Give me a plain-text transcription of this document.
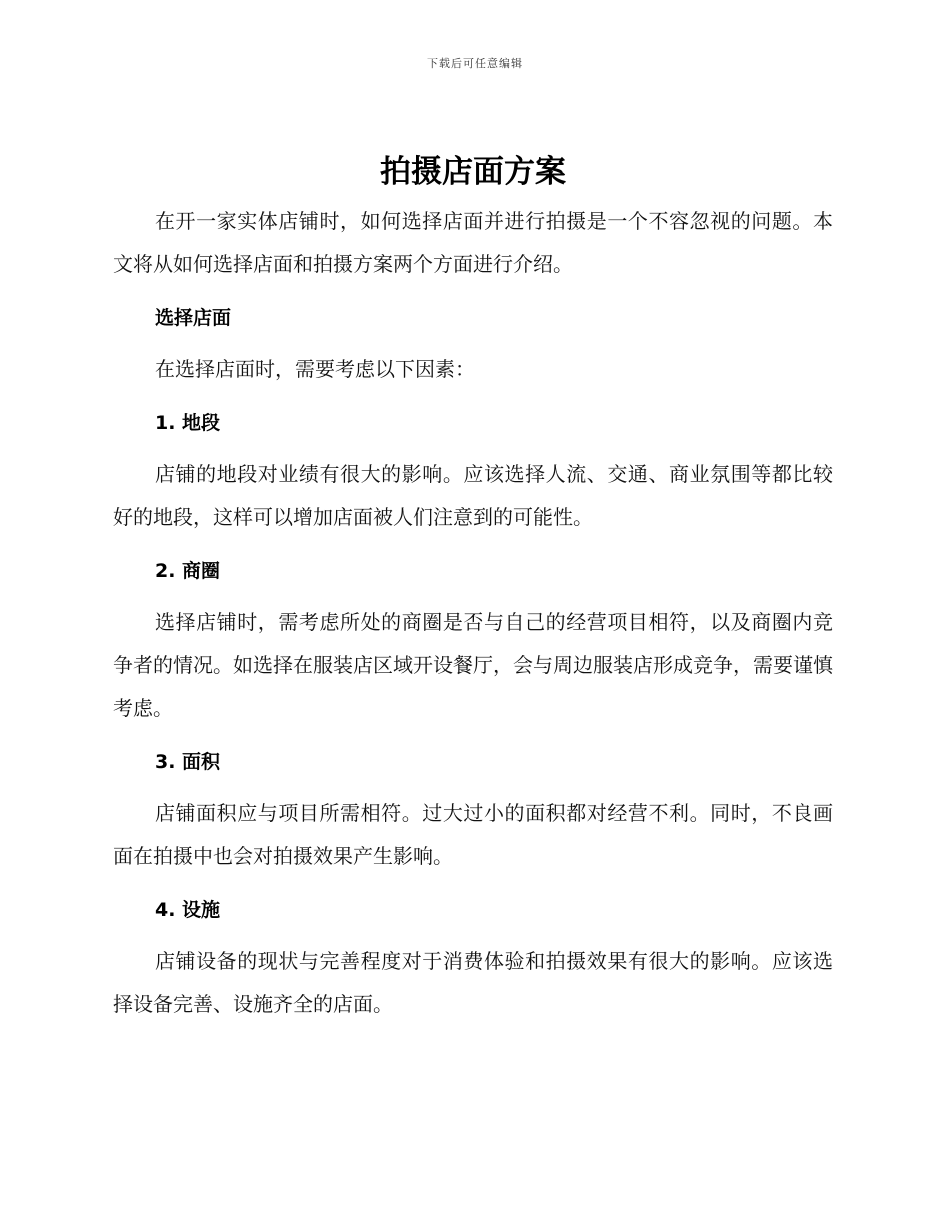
下载后可任意编辑
拍摄店面方案

在开一家实体店铺时，如何选择店面并进行拍摄是一个不容忽视的问题。本文将从如何选择店面和拍摄方案两个方面进行介绍。

选择店面

在选择店面时，需要考虑以下因素：

1. 地段

店铺的地段对业绩有很大的影响。应该选择人流、交通、商业氛围等都比较好的地段，这样可以增加店面被人们注意到的可能性。

2. 商圈

选择店铺时，需考虑所处的商圈是否与自己的经营项目相符，以及商圈内竞争者的情况。如选择在服装店区域开设餐厅，会与周边服装店形成竞争，需要谨慎考虑。

3. 面积

店铺面积应与项目所需相符。过大过小的面积都对经营不利。同时，不良画面在拍摄中也会对拍摄效果产生影响。

4. 设施

店铺设备的现状与完善程度对于消费体验和拍摄效果有很大的影响。应该选择设备完善、设施齐全的店面。
